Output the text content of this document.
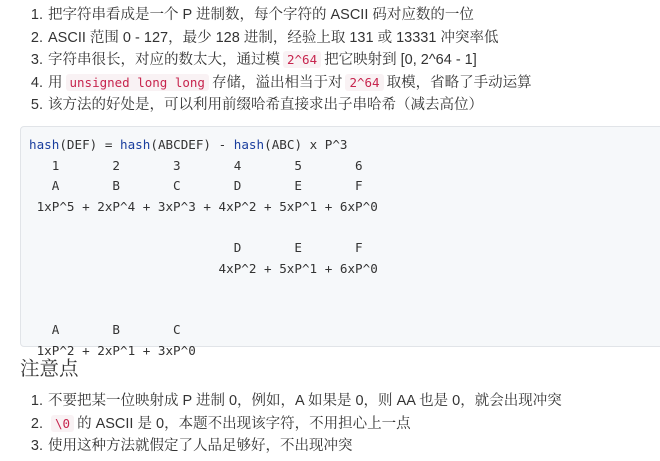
1. 把字符串看成是一个 P 进制数，每个字符的 ASCII 码对应数的一位
2. ASCII 范围 0 - 127，最少 128 进制，经验上取 131 或 13331 冲突率低
3. 字符串很长，对应的数太大，通过模 2^64 把它映射到 [0, 2^64 - 1]
4. 用 unsigned long long 存储，溢出相当于对 2^64 取模，省略了手动运算
5. 该方法的好处是，可以利用前缀哈希直接求出子串哈希（减去高位）
hash(DEF) = hash(ABCDEF) - hash(ABC) x P^3
1       2       3       4       5       6
A       B       C       D       E       F
1xP^5 + 2xP^4 + 3xP^3 + 4xP^2 + 5xP^1 + 6xP^0

D       E       F
4xP^2 + 5xP^1 + 6xP^0

A       B       C
1xP^2 + 2xP^1 + 3xP^0
注意点
1. 不要把某一位映射成 P 进制 0，例如，A 如果是 0，则 AA 也是 0，就会出现冲突
2. \0 的 ASCII 是 0，本题不出现该字符，不用担心上一点
3. 使用这种方法就假定了人品足够好，不出现冲突
